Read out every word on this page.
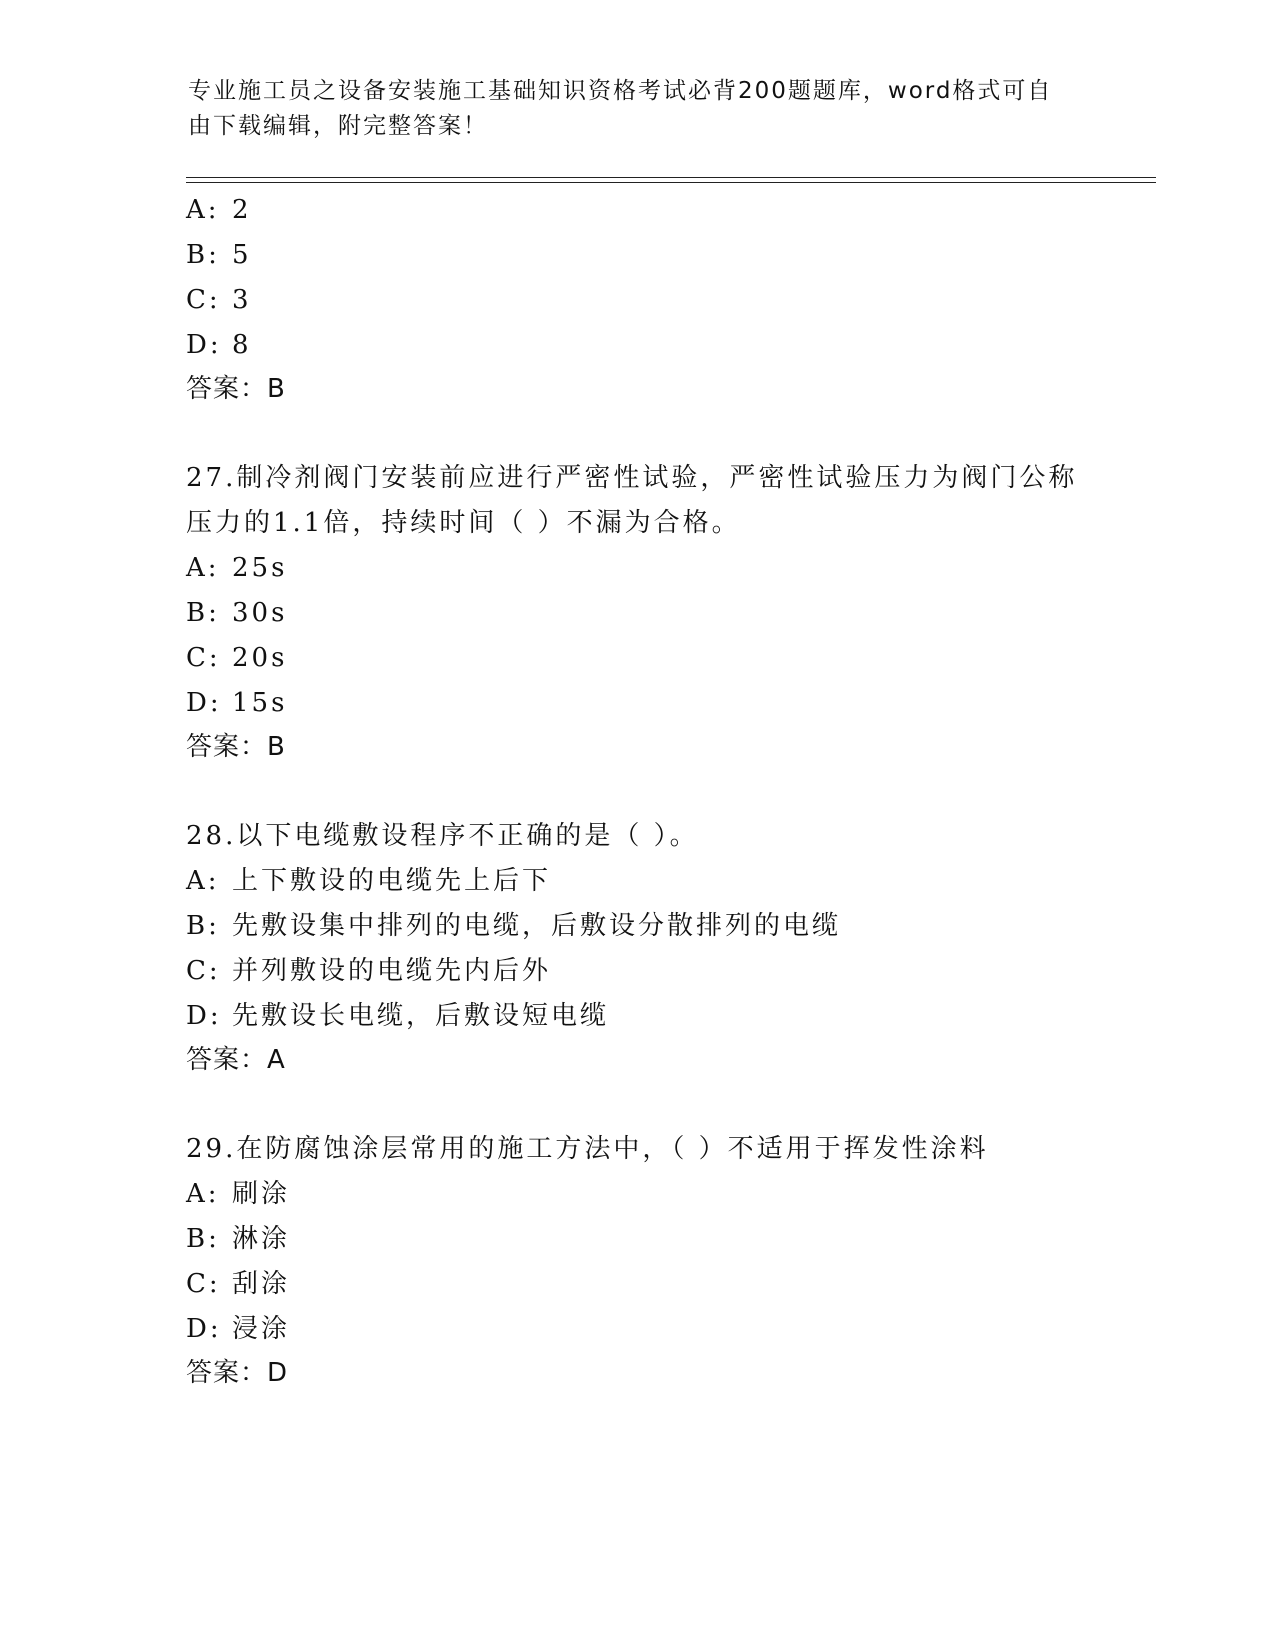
专业施工员之设备安装施工基础知识资格考试必背200题题库，word格式可自由下载编辑，附完整答案！
A: 2
B: 5
C: 3
D: 8
答案：B
27.制冷剂阀门安装前应进行严密性试验，严密性试验压力为阀门公称
压力的1.1倍，持续时间（ ）不漏为合格。
A: 25s
B: 30s
C: 20s
D: 15s
答案：B
28.以下电缆敷设程序不正确的是（ ）。
A: 上下敷设的电缆先上后下
B: 先敷设集中排列的电缆，后敷设分散排列的电缆
C: 并列敷设的电缆先内后外
D: 先敷设长电缆，后敷设短电缆
答案：A
29.在防腐蚀涂层常用的施工方法中，（ ）不适用于挥发性涂料
A: 刷涂
B: 淋涂
C: 刮涂
D: 浸涂
答案：D
